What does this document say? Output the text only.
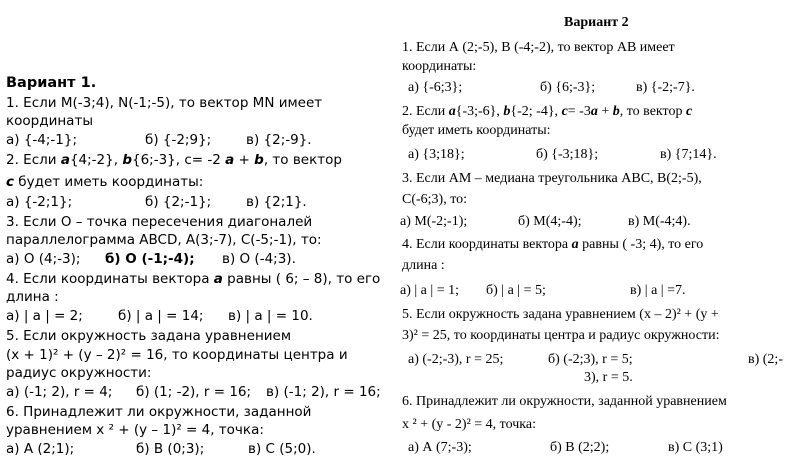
Вариант 1.
1. Если M(-3;4), N(-1;-5), то вектор MN имеет
координаты
а) {-4;-1};	б) {-2;9};	в) {2;-9}.
2. Если a{4;-2}, b{6;-3}, c= -2 a + b, то вектор
с будет иметь координаты:
а) {-2;1};	б) {2;-1};	в) {2;1}.
3. Если О – точка пересечения диагоналей
параллелограмма ABCD, А(3;-7), С(-5;-1), то:
а) О (4;-3); б) О (-1;-4); в) О (-4;3).
4. Если координаты вектора a равны ( 6; – 8), то его
длина :
а) | a | = 2;	б) | a | = 14; в) | a | = 10.
5. Если окружность задана уравнением
(x + 1)² + (y – 2)² = 16, то координаты центра и
радиус окружности:
а) (-1; 2), r = 4; б) (1; -2), r = 16; в) (-1; 2), r = 16;
6. Принадлежит ли окружности, заданной
уравнением x ² + (y – 1)² = 4, точка:
а) А (2;1);	б) В (0;3);	в) С (5;0).
Вариант 2
1. Если А (2;-5), В (-4;-2), то вектор АВ имеет
координаты:
а) {-6;3};	б) {6;-3};	в) {-2;-7}.
2. Если a{-3;-6}, b{-2; -4}, c= -3a + b, то вектор c
будет иметь координаты:
а) {3;18};	б) {-3;18};	в) {7;14}.
3. Если АМ – медиана треугольника АВС, В(2;-5),
С(-6;3), то:
а) М(-2;-1);	б) М(4;-4);	в) М(-4;4).
4. Если координаты вектора a равны ( -3; 4), то его
длина :
а) | a | = 1; б) | a | = 5;	в) | a | =7.
5. Если окружность задана уравнением (х – 2)² + (у +
3)² = 25, то координаты центра и радиус окружности:
а) (-2;-3), r = 25;	б) (-2;3), r = 5;	в) (2;-
3), r = 5.
6. Принадлежит ли окружности, заданной уравнением
х ² + (у - 2)² = 4, точка:
а) А (7;-3);	б) В (2;2);	в) С (3;1)
